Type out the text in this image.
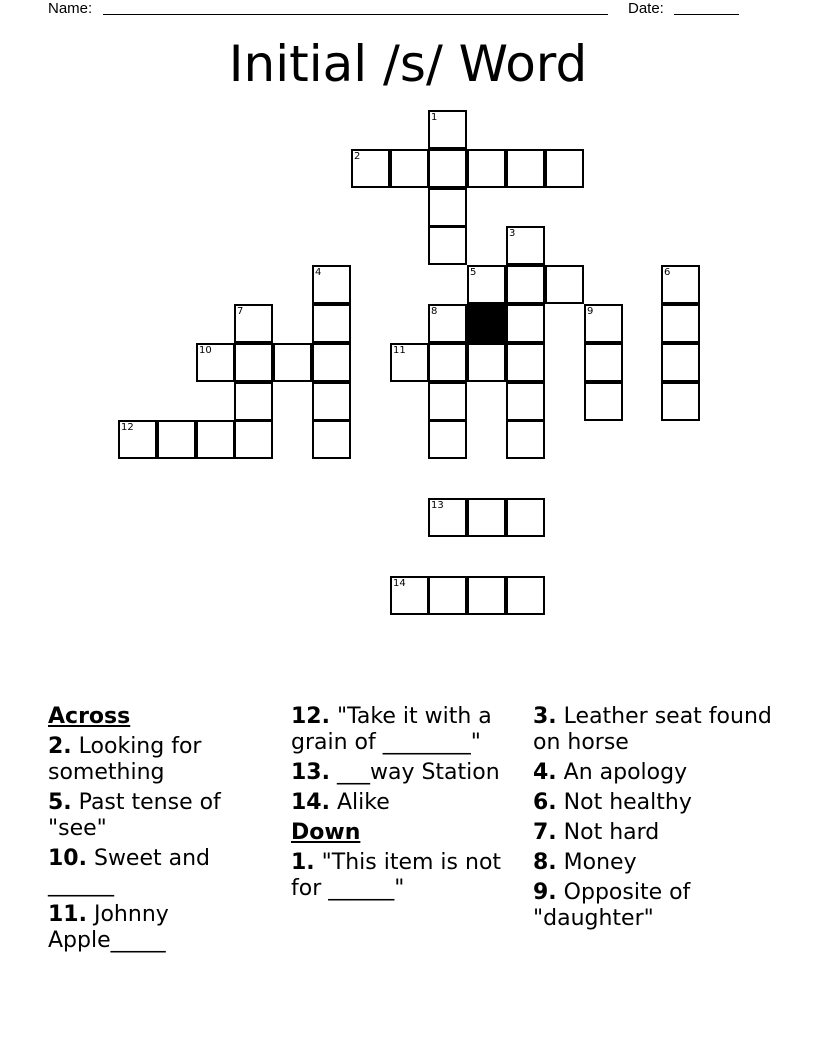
Name:	Date:
Initial /s/ Word
1
2
3
4	5	6
7	8	9
10	11
12
13
14
Across
2. Looking for something
5. Past tense of "see"
10. Sweet and ______
11. Johnny Apple_____
12. "Take it with a grain of ________"
13. ___way Station
14. Alike
Down
1. "This item is not for ______"
3. Leather seat found on horse
4. An apology
6. Not healthy
7. Not hard
8. Money
9. Opposite of "daughter"
